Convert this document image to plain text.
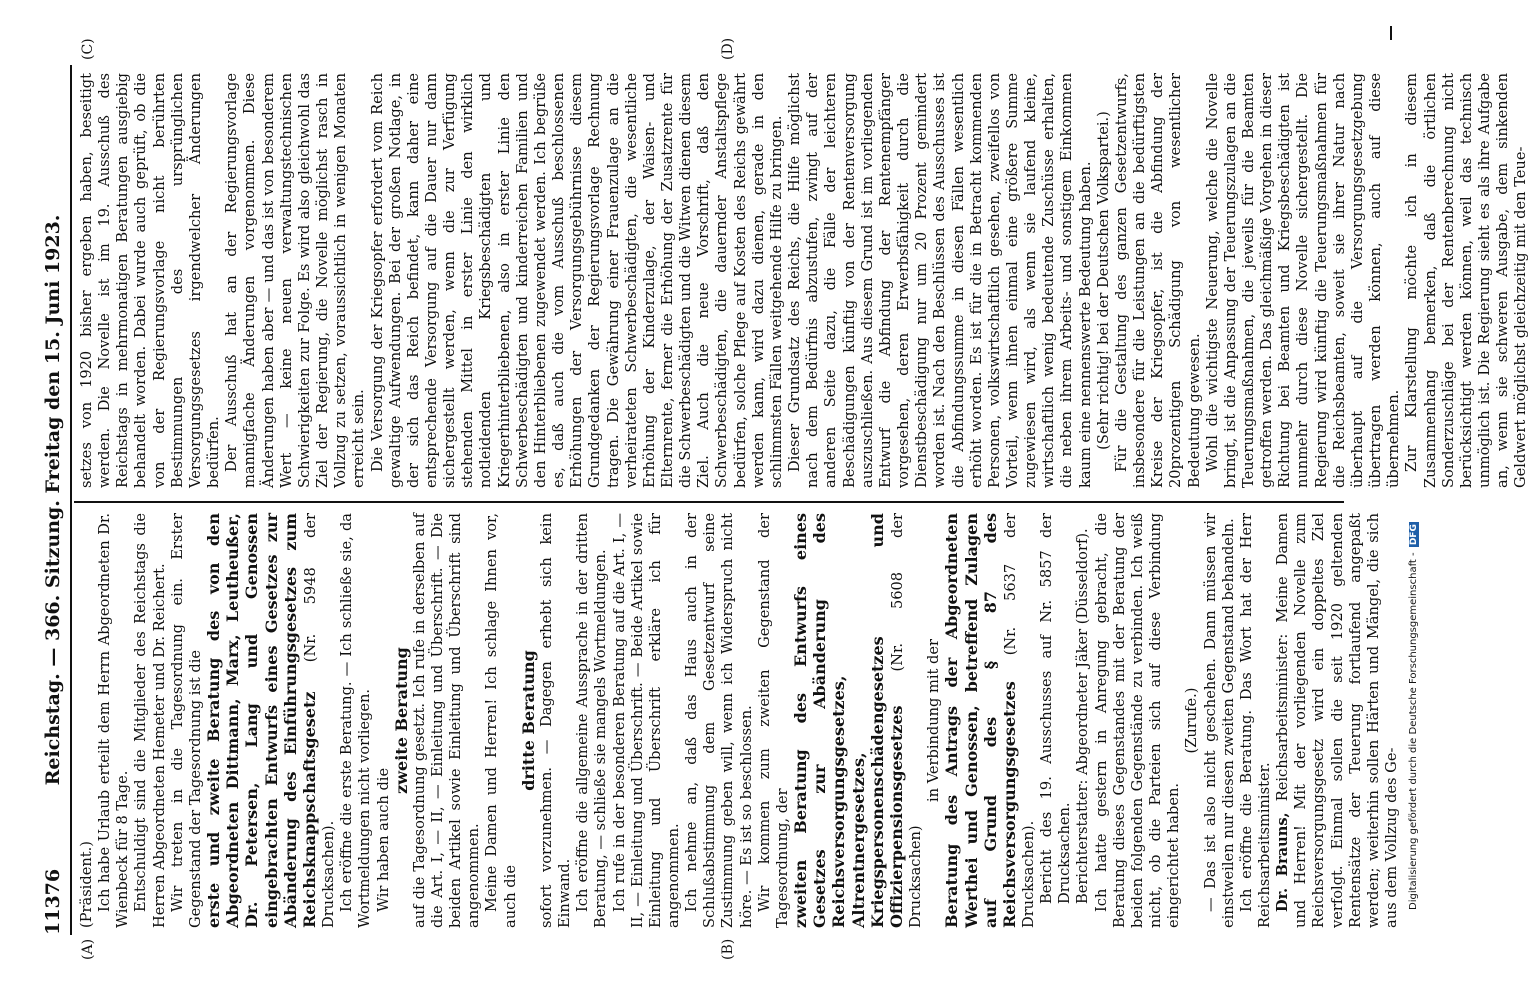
11376
Reichstag. — 366. Sitzung. Freitag den 15. Juni 1923.
(A)	(B)
(C)	(D)

(Präsident.) Ich habe Urlaub erteilt dem Herrn Abgeordneten Dr. Wienbeck für 8 Tage. Entschuldigt sind die Mitglieder des Reichstags die Herren Abgeordneten Hemeter und Dr. Reichert. Wir treten in die Tagesordnung ein. Erster Gegenstand der Tagesordnung ist die erste und zweite Beratung des von den Abgeordneten Dittmann, Marx, Leutheußer, Dr. Petersen, Lang und Genossen eingebrachten Entwurfs eines Gesetzes zur Abänderung des Einführungsgesetzes zum Reichsknappschaftsgesetz (Nr. 5948 der Drucksachen). Ich eröffne die erste Beratung. — Ich schließe sie, da Wortmeldungen nicht vorliegen. Wir haben auch die

zweite Beratung auf die Tagesordnung gesetzt. Ich rufe in derselben auf die Art. I, — II, — Einleitung und Überschrift. — Die beiden Artikel sowie Einleitung und Überschrift sind angenommen. Meine Damen und Herren! Ich schlage Ihnen vor, auch die

dritte Beratung sofort vorzunehmen. — Dagegen erhebt sich kein Einwand. Ich eröffne die allgemeine Aussprache in der dritten Beratung, — schließe sie mangels Wortmeldungen. Ich rufe in der besonderen Beratung auf die Art. I, — II, — Einleitung und Überschrift. — Beide Artikel sowie Einleitung und Überschrift erkläre ich für angenommen. Ich nehme an, daß das Haus auch in der Schlußabstimmung dem Gesetzentwurf seine Zustimmung geben will, wenn ich Widerspruch nicht höre. — Es ist so beschlossen. Wir kommen zum zweiten Gegenstand der Tagesordnung, der zweiten Beratung des Entwurfs eines Gesetzes zur Abänderung des Reichsversorgungsgesetzes, Altrentnergesetzes, Kriegspersonenschädengesetzes und Offizierpensionsgesetzes (Nr. 5608 der Drucksachen)

in Verbindung mit der Beratung des Antrags der Abgeordneten Werthei und Genossen, betreffend Zulagen auf Grund des § 87 des Reichsversorgungsgesetzes (Nr. 5637 der Drucksachen). Bericht des 19. Ausschusses auf Nr. 5857 der Drucksachen. Berichterstatter: Abgeordneter Jäker (Düsseldorf). Ich hatte gestern in Anregung gebracht, die Beratung dieses Gegenstandes mit der Beratung der beiden folgenden Gegenstände zu verbinden. Ich weiß nicht, ob die Parteien sich auf diese Verbindung eingerichtet haben.

(Zurufe.) — Das ist also nicht geschehen. Dann müssen wir einstweilen nur diesen zweiten Gegenstand behandeln. Ich eröffne die Beratung. Das Wort hat der Herr Reichsarbeitsminister. Dr. Brauns, Reichsarbeitsminister: Meine Damen und Herren! Mit der vorliegenden Novelle zum Reichsversorgungsgesetz wird ein doppeltes Ziel verfolgt. Einmal sollen die seit 1920 geltenden Rentensätze der Teuerung fortlaufend angepaßt werden; weiterhin sollen Härten und Mängel, die sich aus dem Vollzug des Ge-

setzes von 1920 bisher ergeben haben, beseitigt werden. Die Novelle ist im 19. Ausschuß des Reichstags in mehrmonatigen Beratungen ausgiebig behandelt worden. Dabei wurde auch geprüft, ob die von der Regierungsvorlage nicht berührten Bestimmungen des ursprünglichen Versorgungsgesetzes irgendwelcher Änderungen bedürfen. Der Ausschuß hat an der Regierungsvorlage mannigfache Änderungen vorgenommen. Diese Änderungen haben aber — und das ist von besonderem Wert — keine neuen verwaltungstechnischen Schwierigkeiten zur Folge. Es wird also gleichwohl das Ziel der Regierung, die Novelle möglichst rasch in Vollzug zu setzen, voraussichtlich in wenigen Monaten erreicht sein. Die Versorgung der Kriegsopfer erfordert vom Reich gewaltige Aufwendungen. Bei der großen Notlage, in der sich das Reich befindet, kann daher eine entsprechende Versorgung auf die Dauer nur dann sichergestellt werden, wenn die zur Verfügung stehenden Mittel in erster Linie den wirklich notleidenden Kriegsbeschädigten und Kriegerhinterbliebenen, also in erster Linie den Schwerbeschädigten und kinderreichen Familien und den Hinterbliebenen zugewendet werden. Ich begrüße es, daß auch die vom Ausschuß beschlossenen Erhöhungen der Versorgungsgebührnisse diesem Grundgedanken der Regierungsvorlage Rechnung tragen. Die Gewährung einer Frauenzulage an die verheirateten Schwerbeschädigten, die wesentliche Erhöhung der Kinderzulage, der Waisen- und Elternrente, ferner die Erhöhung der Zusatzrente für die Schwerbeschädigten und die Witwen dienen diesem Ziel. Auch die neue Vorschrift, daß den Schwerbeschädigten, die dauernder Anstaltspflege bedürfen, solche Pflege auf Kosten des Reichs gewährt werden kann, wird dazu dienen, gerade in den schlimmsten Fällen weitgehende Hilfe zu bringen. Dieser Grundsatz des Reichs, die Hilfe möglichst nach dem Bedürfnis abzustufen, zwingt auf der anderen Seite dazu, die Fälle der leichteren Beschädigungen künftig von der Rentenversorgung auszuschließen. Aus diesem Grund ist im vorliegenden Entwurf die Abfindung der Rentenempfänger vorgesehen, deren Erwerbsfähigkeit durch die Dienstbeschädigung nur um 20 Prozent gemindert worden ist. Nach den Beschlüssen des Ausschusses ist die Abfindungssumme in diesen Fällen wesentlich erhöht worden. Es ist für die in Betracht kommenden Personen, volkswirtschaftlich gesehen, zweifellos von Vorteil, wenn ihnen einmal eine größere Summe zugewiesen wird, als wenn sie laufend kleine, wirtschaftlich wenig bedeutende Zuschüsse erhalten, die neben ihrem Arbeits- und sonstigem Einkommen kaum eine nennenswerte Bedeutung haben. (Sehr richtig! bei der Deutschen Volkspartei.) Für die Gestaltung des ganzen Gesetzentwurfs, insbesondere für die Leistungen an die bedürftigsten Kreise der Kriegsopfer, ist die Abfindung der 20prozentigen Schädigung von wesentlicher Bedeutung gewesen. Wohl die wichtigste Neuerung, welche die Novelle bringt, ist die Anpassung der Teuerungszulagen an die Teuerungsmaßnahmen, die jeweils für die Beamten getroffen werden. Das gleichmäßige Vorgehen in dieser Richtung bei Beamten und Kriegsbeschädigten ist nunmehr durch diese Novelle sichergestellt. Die Regierung wird künftig die Teuerungsmaßnahmen für die Reichsbeamten, soweit sie ihrer Natur nach überhaupt auf die Versorgungsgesetzgebung übertragen werden können, auch auf diese übernehmen. Zur Klarstellung möchte ich in diesem Zusammenhang bemerken, daß die örtlichen Sonderzuschläge bei der Rentenberechnung nicht berücksichtigt werden können, weil das technisch unmöglich ist. Die Regierung sieht es als ihre Aufgabe an, wenn sie schweren Ausgabe, dem sinkenden Geldwert möglichst gleichzeitig mit den Teue-

Digitalisierung gefördert durch die Deutsche Forschungsgemeinschaft - DFG
